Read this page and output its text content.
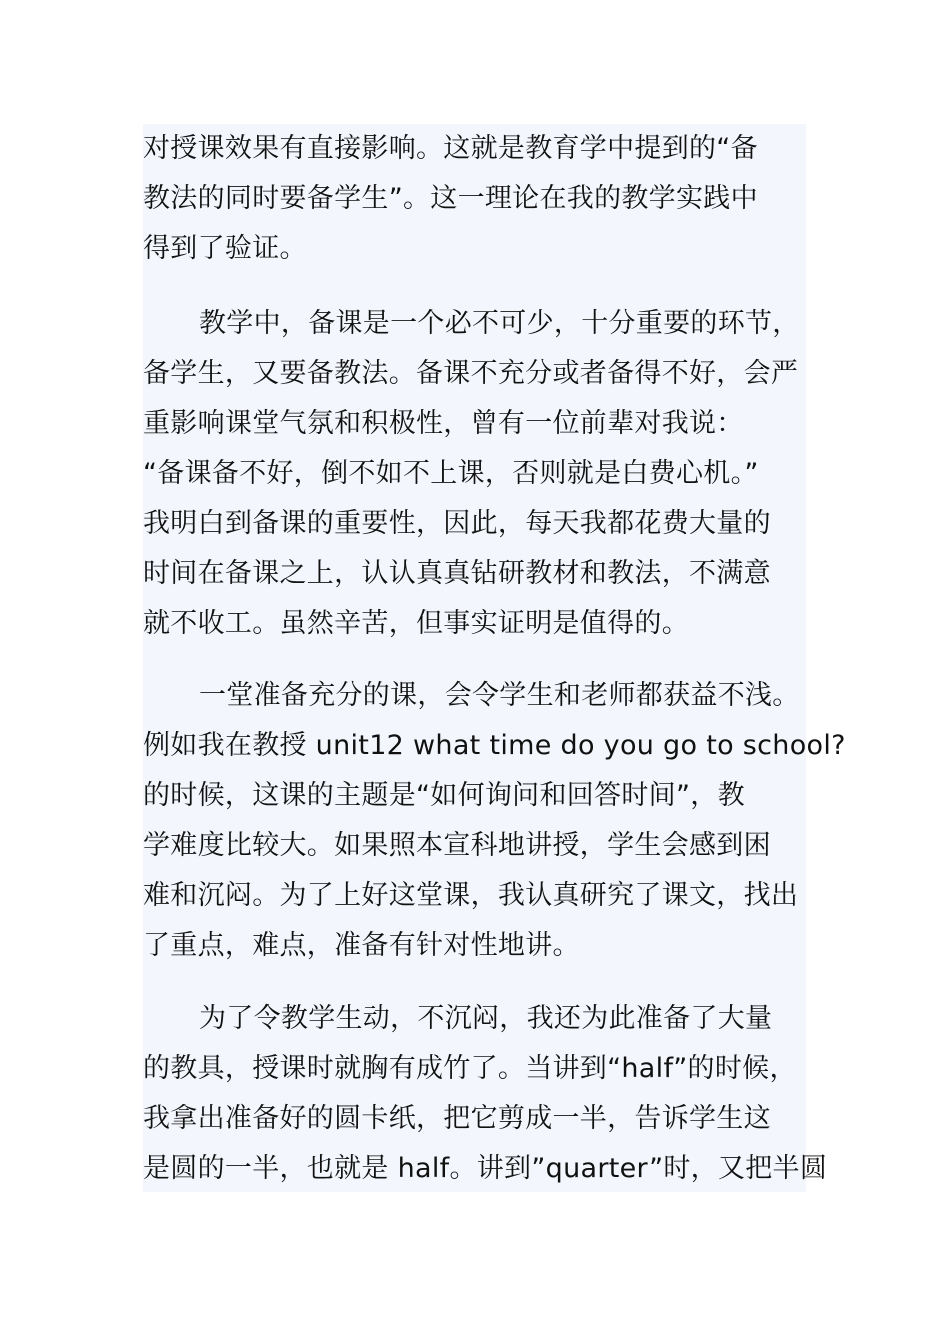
对授课效果有直接影响。这就是教育学中提到的“备
教法的同时要备学生”。这一理论在我的教学实践中
得到了验证。
教学中，备课是一个必不可少，十分重要的环节，
备学生，又要备教法。备课不充分或者备得不好，会严
重影响课堂气氛和积极性，曾有一位前辈对我说：
“备课备不好，倒不如不上课，否则就是白费心机。”
我明白到备课的重要性，因此，每天我都花费大量的
时间在备课之上，认认真真钻研教材和教法，不满意
就不收工。虽然辛苦，但事实证明是值得的。
一堂准备充分的课，会令学生和老师都获益不浅。
例如我在教授 unit12 what time do you go to school?
的时候，这课的主题是“如何询问和回答时间”，教
学难度比较大。如果照本宣科地讲授，学生会感到困
难和沉闷。为了上好这堂课，我认真研究了课文，找出
了重点，难点，准备有针对性地讲。
为了令教学生动，不沉闷，我还为此准备了大量
的教具，授课时就胸有成竹了。当讲到“half”的时候，
我拿出准备好的圆卡纸，把它剪成一半，告诉学生这
是圆的一半，也就是 half。讲到”quarter”时，又把半圆
